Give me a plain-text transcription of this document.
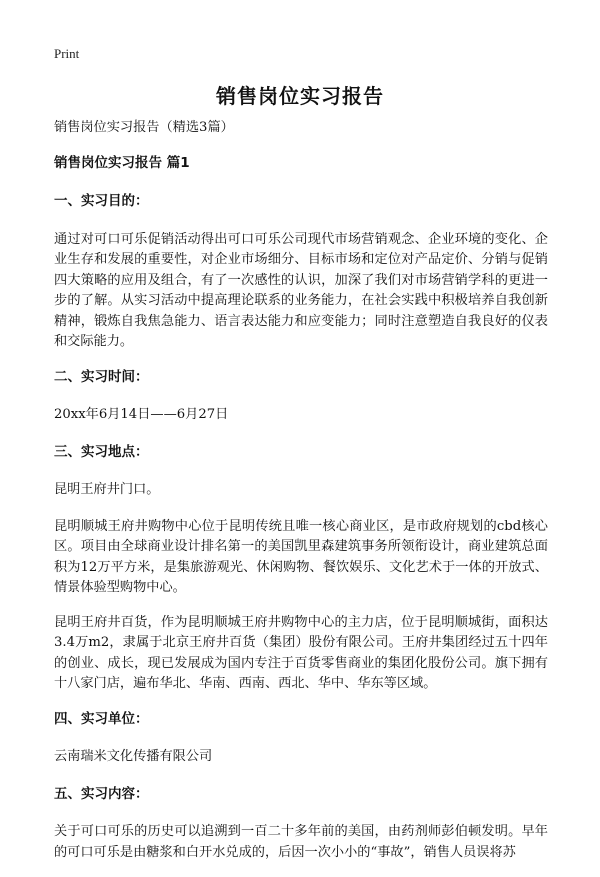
Print
销售岗位实习报告

销售岗位实习报告（精选3篇）

销售岗位实习报告 篇1

一、实习目的：

通过对可口可乐促销活动得出可口可乐公司现代市场营销观念、企业环境的变化、企业生存和发展的重要性，对企业市场细分、目标市场和定位对产品定价、分销与促销四大策略的应用及组合，有了一次感性的认识，加深了我们对市场营销学科的更进一步的了解。从实习活动中提高理论联系的业务能力，在社会实践中积极培养自我创新精神，锻炼自我焦急能力、语言表达能力和应变能力；同时注意塑造自我良好的仪表和交际能力。

二、实习时间：

20xx年6月14日——6月27日

三、实习地点：

昆明王府井门口。

昆明顺城王府井购物中心位于昆明传统且唯一核心商业区，是市政府规划的cbd核心区。项目由全球商业设计排名第一的美国凯里森建筑事务所领衔设计，商业建筑总面积为12万平方米，是集旅游观光、休闲购物、餐饮娱乐、文化艺术于一体的开放式、情景体验型购物中心。

昆明王府井百货，作为昆明顺城王府井购物中心的主力店，位于昆明顺城街，面积达3.4万m2，隶属于北京王府井百货（集团）股份有限公司。王府井集团经过五十四年的创业、成长，现已发展成为国内专注于百货零售商业的集团化股份公司。旗下拥有十八家门店，遍布华北、华南、西南、西北、华中、华东等区域。

四、实习单位：

云南瑞米文化传播有限公司

五、实习内容：

关于可口可乐的历史可以追溯到一百二十多年前的美国，由药剂师彭伯顿发明。早年的可口可乐是由糖浆和白开水兑成的，后因一次小小的“事故”，销售人员误将苏
